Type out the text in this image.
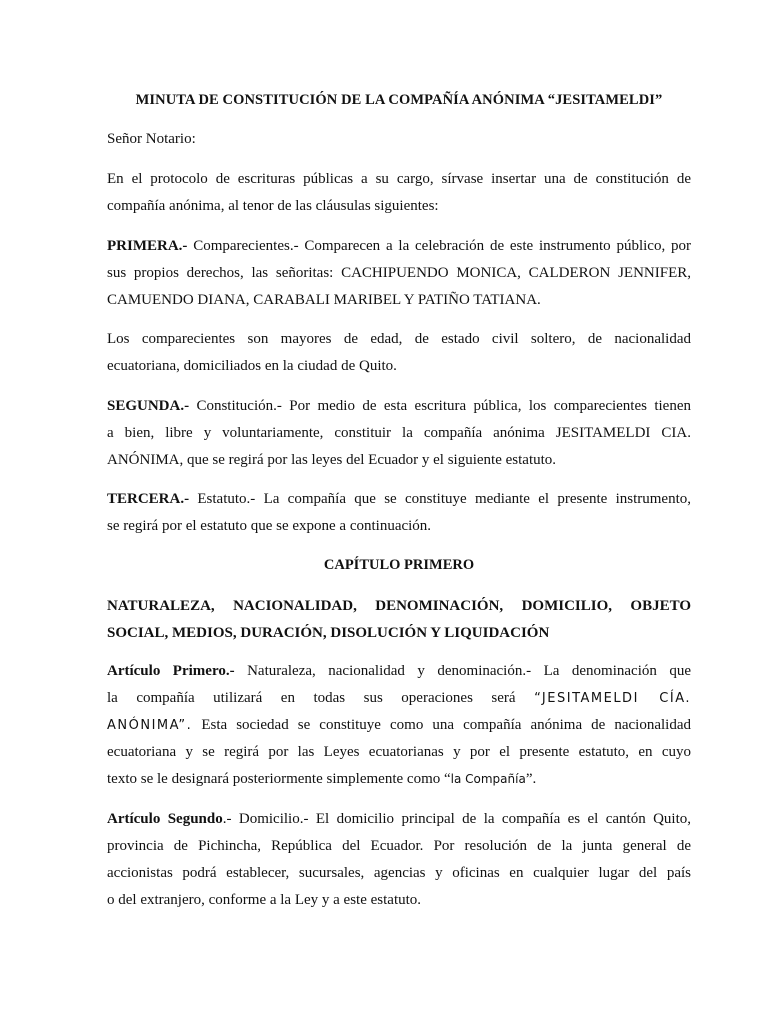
MINUTA DE CONSTITUCIÓN DE LA COMPAÑÍA ANÓNIMA “JESITAMELDI”
Señor Notario:
En el protocolo de escrituras públicas a su cargo, sírvase insertar una de constitución de
compañía anónima, al tenor de las cláusulas siguientes:
PRIMERA.- Comparecientes.- Comparecen a la celebración de este instrumento público, por
sus propios derechos, las señoritas: CACHIPUENDO MONICA, CALDERON JENNIFER,
CAMUENDO DIANA, CARABALI MARIBEL Y PATIÑO TATIANA.
Los comparecientes son mayores de edad, de estado civil soltero, de nacionalidad
ecuatoriana, domiciliados en la ciudad de Quito.
SEGUNDA.- Constitución.- Por medio de esta escritura pública, los comparecientes tienen
a bien, libre y voluntariamente, constituir la compañía anónima JESITAMELDI CIA.
ANÓNIMA, que se regirá por las leyes del Ecuador y el siguiente estatuto.
TERCERA.- Estatuto.- La compañía que se constituye mediante el presente instrumento,
se regirá por el estatuto que se expone a continuación.
CAPÍTULO PRIMERO
NATURALEZA, NACIONALIDAD, DENOMINACIÓN, DOMICILIO, OBJETO
SOCIAL, MEDIOS, DURACIÓN, DISOLUCIÓN Y LIQUIDACIÓN
Artículo Primero.- Naturaleza, nacionalidad y denominación.- La denominación que
la compañía utilizará en todas sus operaciones será “JESITAMELDI CÍA.
ANÓNIMA”. Esta sociedad se constituye como una compañía anónima de nacionalidad
ecuatoriana y se regirá por las Leyes ecuatorianas y por el presente estatuto, en cuyo
texto se le designará posteriormente simplemente como “la Compañía”.
Artículo Segundo.- Domicilio.- El domicilio principal de la compañía es el cantón Quito,
provincia de Pichincha, República del Ecuador. Por resolución de la junta general de
accionistas podrá establecer, sucursales, agencias y oficinas en cualquier lugar del país
o del extranjero, conforme a la Ley y a este estatuto.
